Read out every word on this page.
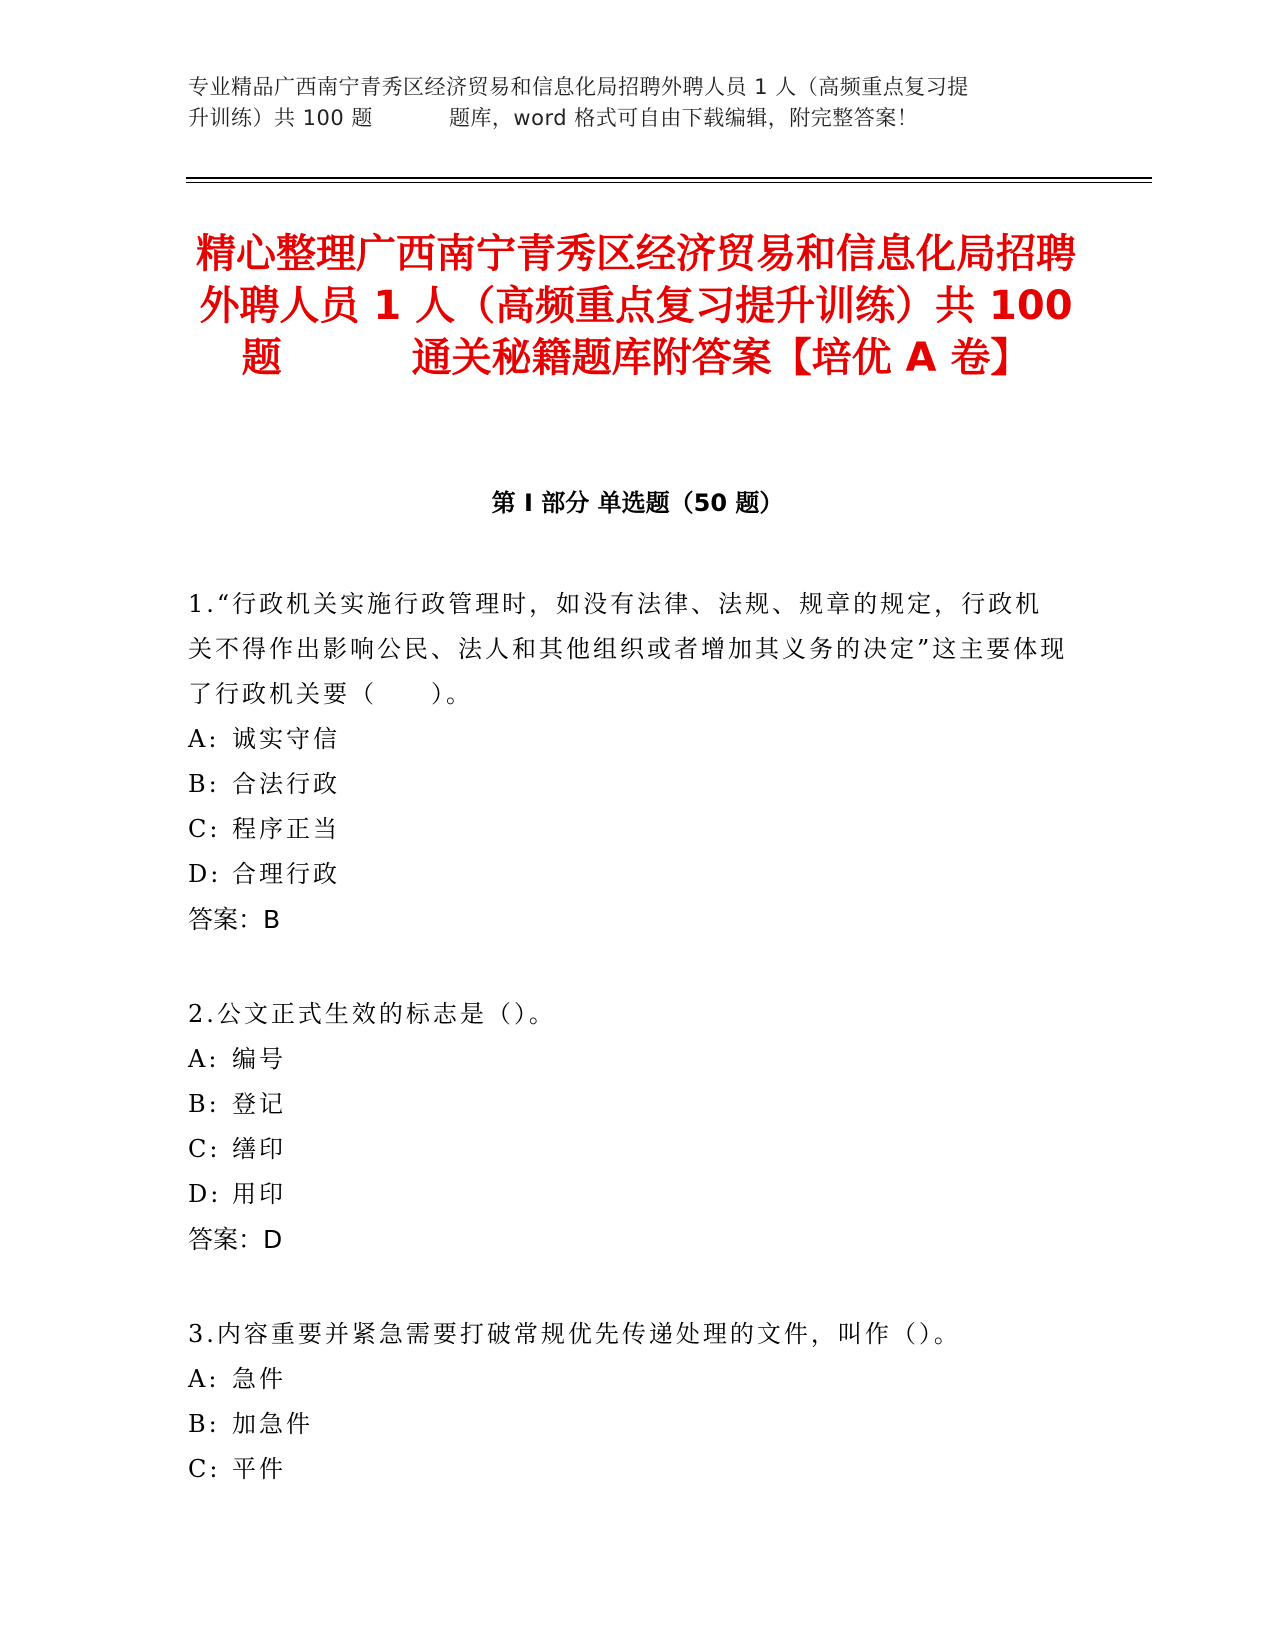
专业精品广西南宁青秀区经济贸易和信息化局招聘外聘人员 1 人（高频重点复习提
升训练）共 100 题	题库，word 格式可自由下载编辑，附完整答案！
精心整理广西南宁青秀区经济贸易和信息化局招聘外聘人员 1 人（高频重点复习提升训练）共 100 题	通关秘籍题库附答案【培优 A 卷】
第 I 部分 单选题（50 题）

1.“行政机关实施行政管理时，如没有法律、法规、规章的规定，行政机关不得作出影响公民、法人和其他组织或者增加其义务的决定”这主要体现了行政机关要（　　）。

A: 诚实守信

B: 合法行政

C: 程序正当

D: 合理行政

答案：B

2.公文正式生效的标志是（）。

A: 编号

B: 登记

C: 缮印

D: 用印

答案：D

3.内容重要并紧急需要打破常规优先传递处理的文件，叫作（）。

A: 急件

B: 加急件

C: 平件
